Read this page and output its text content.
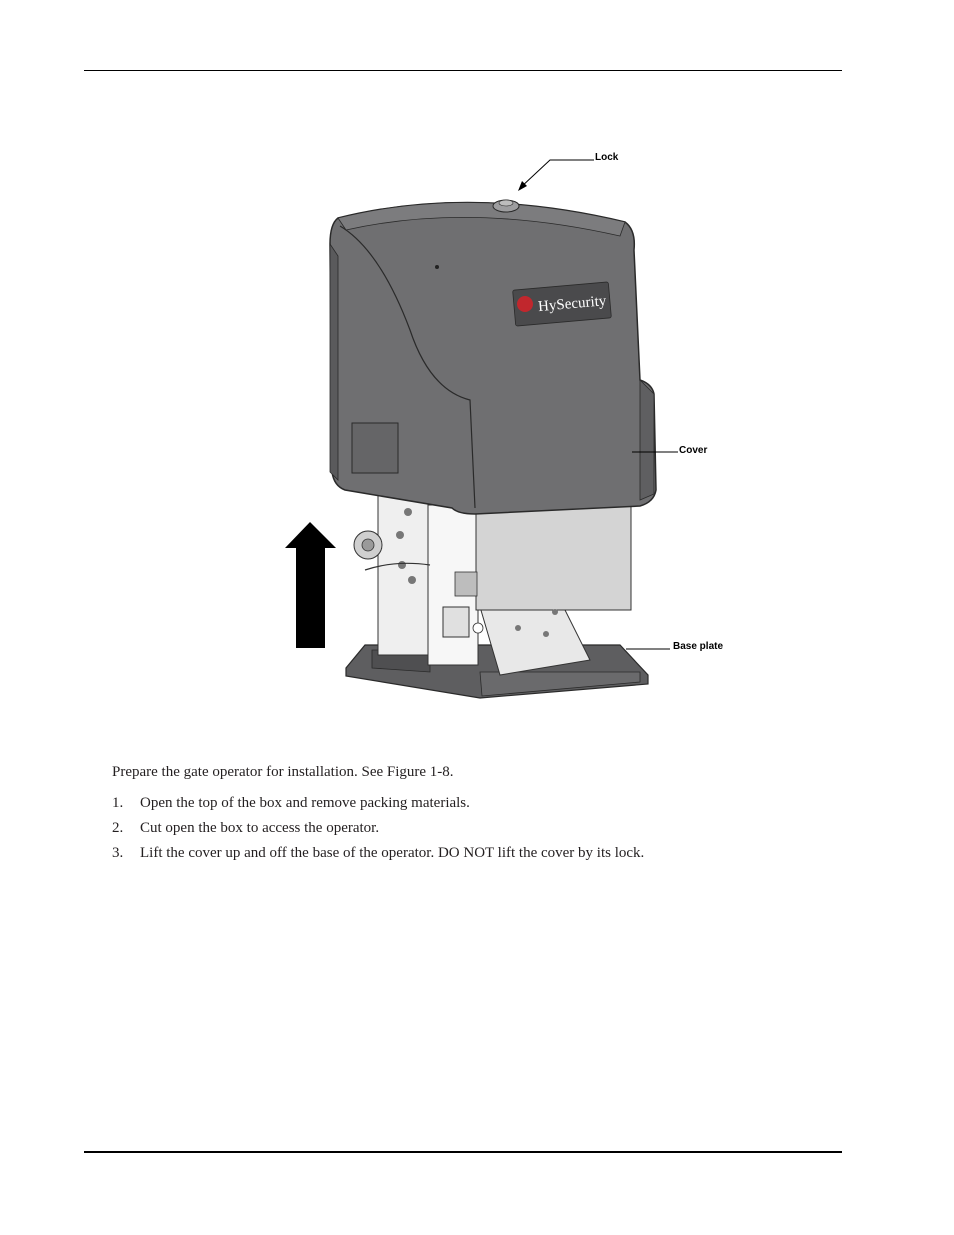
HySecurity
Lock
Cover
Base plate

Prepare the gate operator for installation. See Figure 1-8.

1.	Open the top of the box and remove packing materials.
2.	Cut open the box to access the operator.
3.	Lift the cover up and off the base of the operator. DO NOT lift the cover by its lock.
